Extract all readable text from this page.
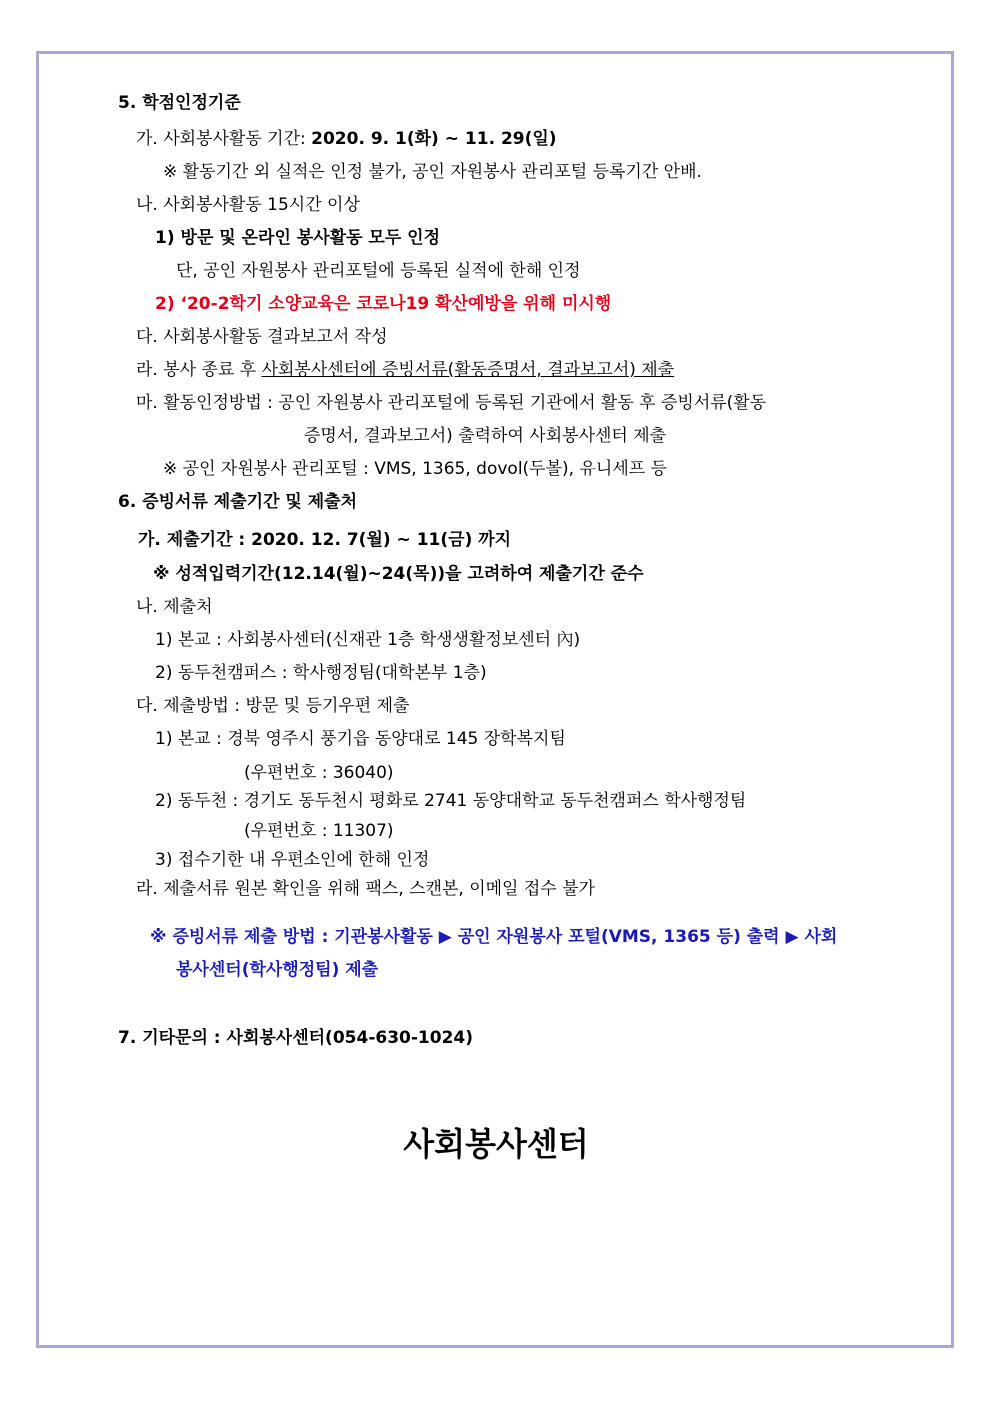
5. 학점인정기준
가. 사회봉사활동 기간: 2020. 9. 1(화) ~ 11. 29(일)
※ 활동기간 외 실적은 인정 불가, 공인 자원봉사 관리포털 등록기간 안배.
나. 사회봉사활동 15시간 이상
1) 방문 및 온라인 봉사활동 모두 인정
단, 공인 자원봉사 관리포털에 등록된 실적에 한해 인정
2) ‘20-2학기 소양교육은 코로나19 확산예방을 위해 미시행
다. 사회봉사활동 결과보고서 작성
라. 봉사 종료 후 사회봉사센터에 증빙서류(활동증명서, 결과보고서) 제출
마. 활동인정방법 : 공인 자원봉사 관리포털에 등록된 기관에서 활동 후 증빙서류(활동
증명서, 결과보고서) 출력하여 사회봉사센터 제출
※ 공인 자원봉사 관리포털 : VMS, 1365, dovol(두볼), 유니세프 등
6. 증빙서류 제출기간 및 제출처
가. 제출기간 : 2020. 12. 7(월) ~ 11(금) 까지
※ 성적입력기간(12.14(월)~24(목))을 고려하여 제출기간 준수
나. 제출처
1) 본교 : 사회봉사센터(신재관 1층 학생생활정보센터 內)
2) 동두천캠퍼스 : 학사행정팀(대학본부 1층)
다. 제출방법 : 방문 및 등기우편 제출
1) 본교 : 경북 영주시 풍기읍 동양대로 145 장학복지팀
(우편번호 : 36040)
2) 동두천 : 경기도 동두천시 평화로 2741 동양대학교 동두천캠퍼스 학사행정팀
(우편번호 : 11307)
3) 접수기한 내 우편소인에 한해 인정
라. 제출서류 원본 확인을 위해 팩스, 스캔본, 이메일 접수 불가
※ 증빙서류 제출 방법 : 기관봉사활동 ▶ 공인 자원봉사 포털(VMS, 1365 등) 출력 ▶ 사회
봉사센터(학사행정팀) 제출
7. 기타문의 : 사회봉사센터(054-630-1024)
사회봉사센터
